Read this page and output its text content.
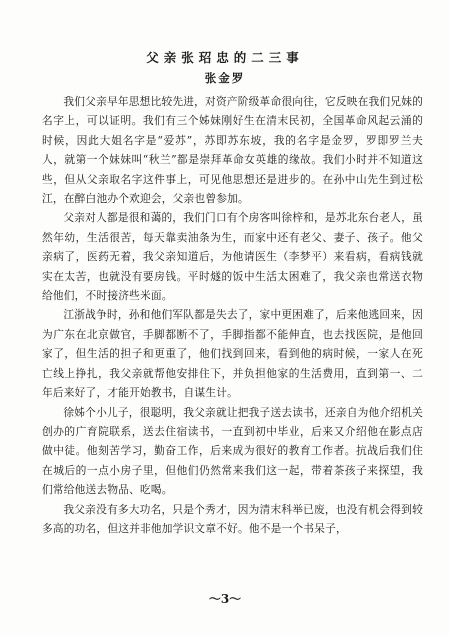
父亲张玿忠的二三事
张金罗

我们父亲早年思想比较先进，对资产阶级革命很向往，它反映在我们兄妹的名字上，可以证明。我们有三个姊妹刚好生在清末民初，全国革命风起云涌的时候，因此大姐名字是“爱苏”，苏即苏东坡，我的名字是金罗，罗即罗兰夫人，就第一个妹妹叫“秋兰”都是崇拜革命女英雄的缘故。我们小时并不知道这些，但从父亲取名字这件事上，可见他思想还是进步的。在孙中山先生到过松江，在醉白池办个欢迎会，父亲也曾参加。

父亲对人都是很和蔼的，我们门口有个房客叫徐梓和，是苏北东台老人，虽然年幼，生活很苦，每天靠卖油条为生，而家中还有老父、妻子、孩子。他父亲病了，医药无着，我父亲知道后，为他请医生（李梦平）来看病，看病钱就实在太苦，也就没有要房钱。平时燧的饭中生活太困难了，我父亲也常送衣物给他们，不时接济些米面。

江浙战争时，孙和他们军队都是失去了，家中更困难了，后来他逃回来，因为广东在北京做官，手脚都断不了，手脚指都不能伸直，也去找医院，是他回家了，但生活的担子和更重了，他们找到回来，看到他的病时候，一家人在死亡线上挣扎，我父亲就帮他安排住下，并负担他家的生活费用，直到第一、二年后来好了，才能开始教书，自谋生计。

徐姊个小儿子，很聪明，我父亲就让把我子送去读书，还亲自为他介绍机关创办的广育院联系，送去住宿读书，一直到初中毕业，后来又介绍他在影点店做中徒。他刻苦学习，勤奋工作，后来成为很好的教育工作者。抗战后我们住在城后的一点小房子里，但他们仍然常来我们这一起，带着茶孩子来探望，我们常给他送去物品、吃喝。

我父亲没有多大功名，只是个秀才，因为清末科举已废，也没有机会得到较多高的功名，但这并非他加学识文章不好。他不是一个书呆子，

～3～
